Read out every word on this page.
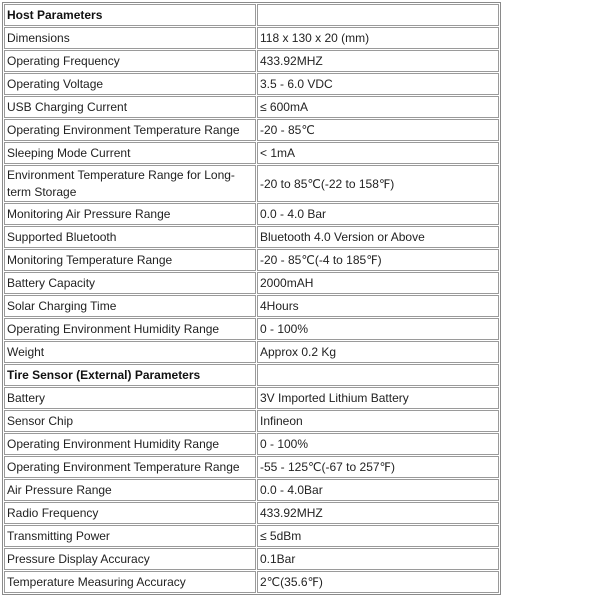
Host Parameters	
Dimensions	118 x 130 x 20 (mm)
Operating Frequency	433.92MHZ
Operating Voltage	3.5 - 6.0 VDC
USB Charging Current	≤ 600mA
Operating Environment Temperature Range	-20 - 85℃
Sleeping Mode Current	< 1mA
Environment Temperature Range for Long-term Storage	-20 to 85℃(-22 to 158℉)
Monitoring Air Pressure Range	0.0 - 4.0 Bar
Supported Bluetooth	Bluetooth 4.0 Version or Above
Monitoring Temperature Range	-20 - 85℃(-4 to 185℉)
Battery Capacity	2000mAH
Solar Charging Time	4Hours
Operating Environment Humidity Range	0 - 100%
Weight	Approx 0.2 Kg
Tire Sensor (External) Parameters	
Battery	3V Imported Lithium Battery
Sensor Chip	Infineon
Operating Environment Humidity Range	0 - 100%
Operating Environment Temperature Range	-55 - 125℃(-67 to 257℉)
Air Pressure Range	0.0 - 4.0Bar
Radio Frequency	433.92MHZ
Transmitting Power	≤ 5dBm
Pressure Display Accuracy	0.1Bar
Temperature Measuring Accuracy	2℃(35.6℉)
